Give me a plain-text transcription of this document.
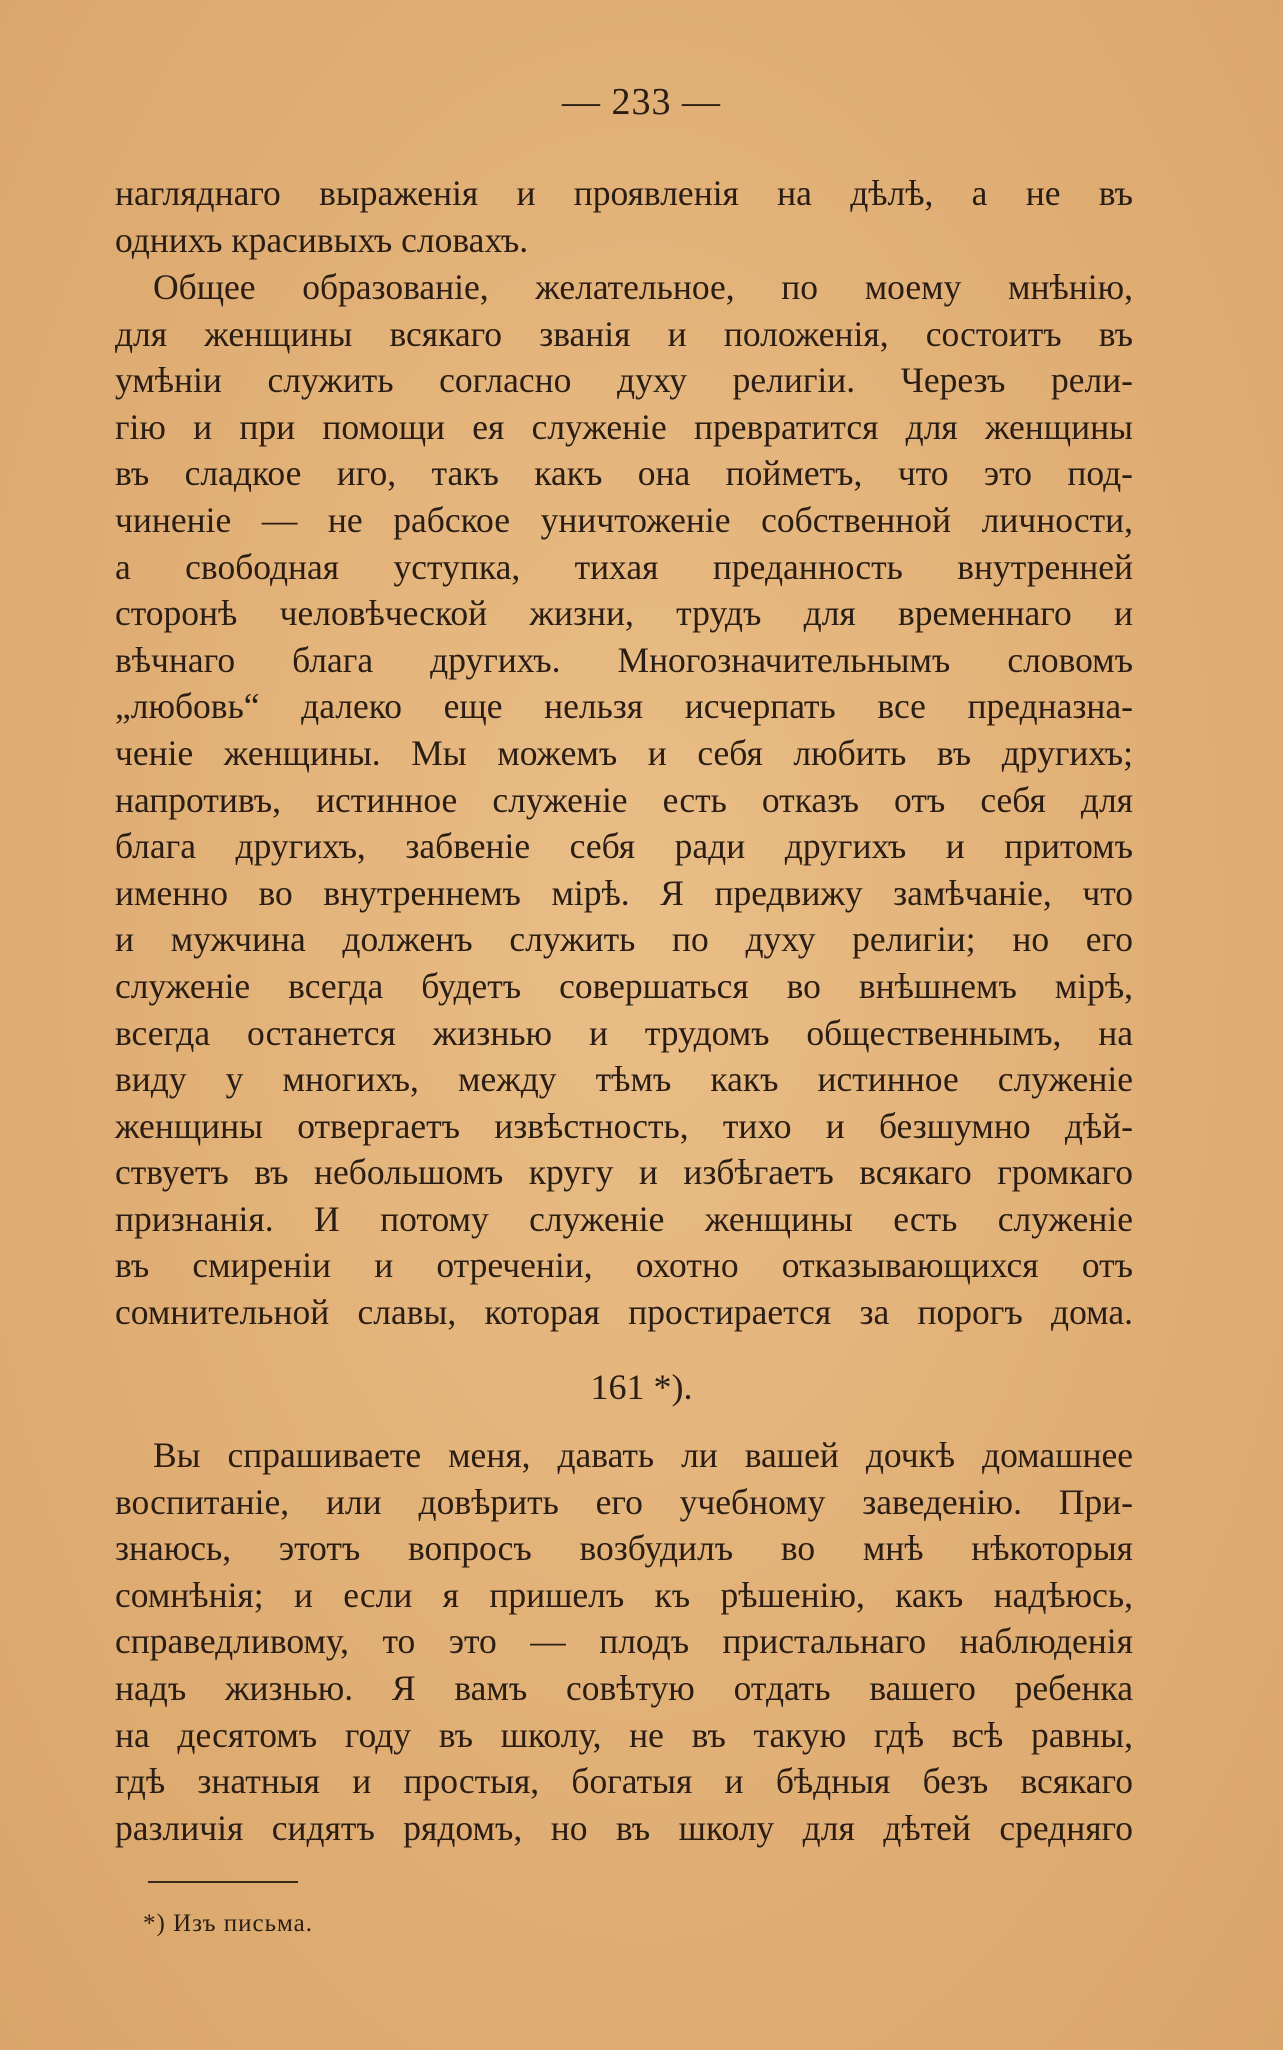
— 233 —
нагляднаго выраженія и проявленія на дѣлѣ, а не въ
однихъ красивыхъ словахъ.
Общее образованіе, желательное, по моему мнѣнію,
для женщины всякаго званія и положенія, состоитъ въ
умѣніи служить согласно духу религіи. Черезъ рели-
гію и при помощи ея служеніе превратится для женщины
въ сладкое иго, такъ какъ она пойметъ, что это под-
чиненіе — не рабское уничтоженіе собственной личности,
а свободная уступка, тихая преданность внутренней
сторонѣ человѣческой жизни, трудъ для временнаго и
вѣчнаго блага другихъ. Многозначительнымъ словомъ
„любовь“ далеко еще нельзя исчерпать все предназна-
ченіе женщины. Мы можемъ и себя любить въ другихъ;
напротивъ, истинное служеніе есть отказъ отъ себя для
блага другихъ, забвеніе себя ради другихъ и притомъ
именно во внутреннемъ мірѣ. Я предвижу замѣчаніе, что
и мужчина долженъ служить по духу религіи; но его
служеніе всегда будетъ совершаться во внѣшнемъ мірѣ,
всегда останется жизнью и трудомъ общественнымъ, на
виду у многихъ, между тѣмъ какъ истинное служеніе
женщины отвергаетъ извѣстность, тихо и безшумно дѣй-
ствуетъ въ небольшомъ кругу и избѣгаетъ всякаго громкаго
признанія. И потому служеніе женщины есть служеніе
въ смиреніи и отреченіи, охотно отказывающихся отъ
сомнительной славы, которая простирается за порогъ дома.
161 *).
Вы спрашиваете меня, давать ли вашей дочкѣ домашнее
воспитаніе, или довѣрить его учебному заведенію. При-
знаюсь, этотъ вопросъ возбудилъ во мнѣ нѣкоторыя
сомнѣнія; и если я пришелъ къ рѣшенію, какъ надѣюсь,
справедливому, то это — плодъ пристальнаго наблюденія
надъ жизнью. Я вамъ совѣтую отдать вашего ребенка
на десятомъ году въ школу, не въ такую гдѣ всѣ равны,
гдѣ знатныя и простыя, богатыя и бѣдныя безъ всякаго
различія сидятъ рядомъ, но въ школу для дѣтей средняго
*) Изъ письма.
